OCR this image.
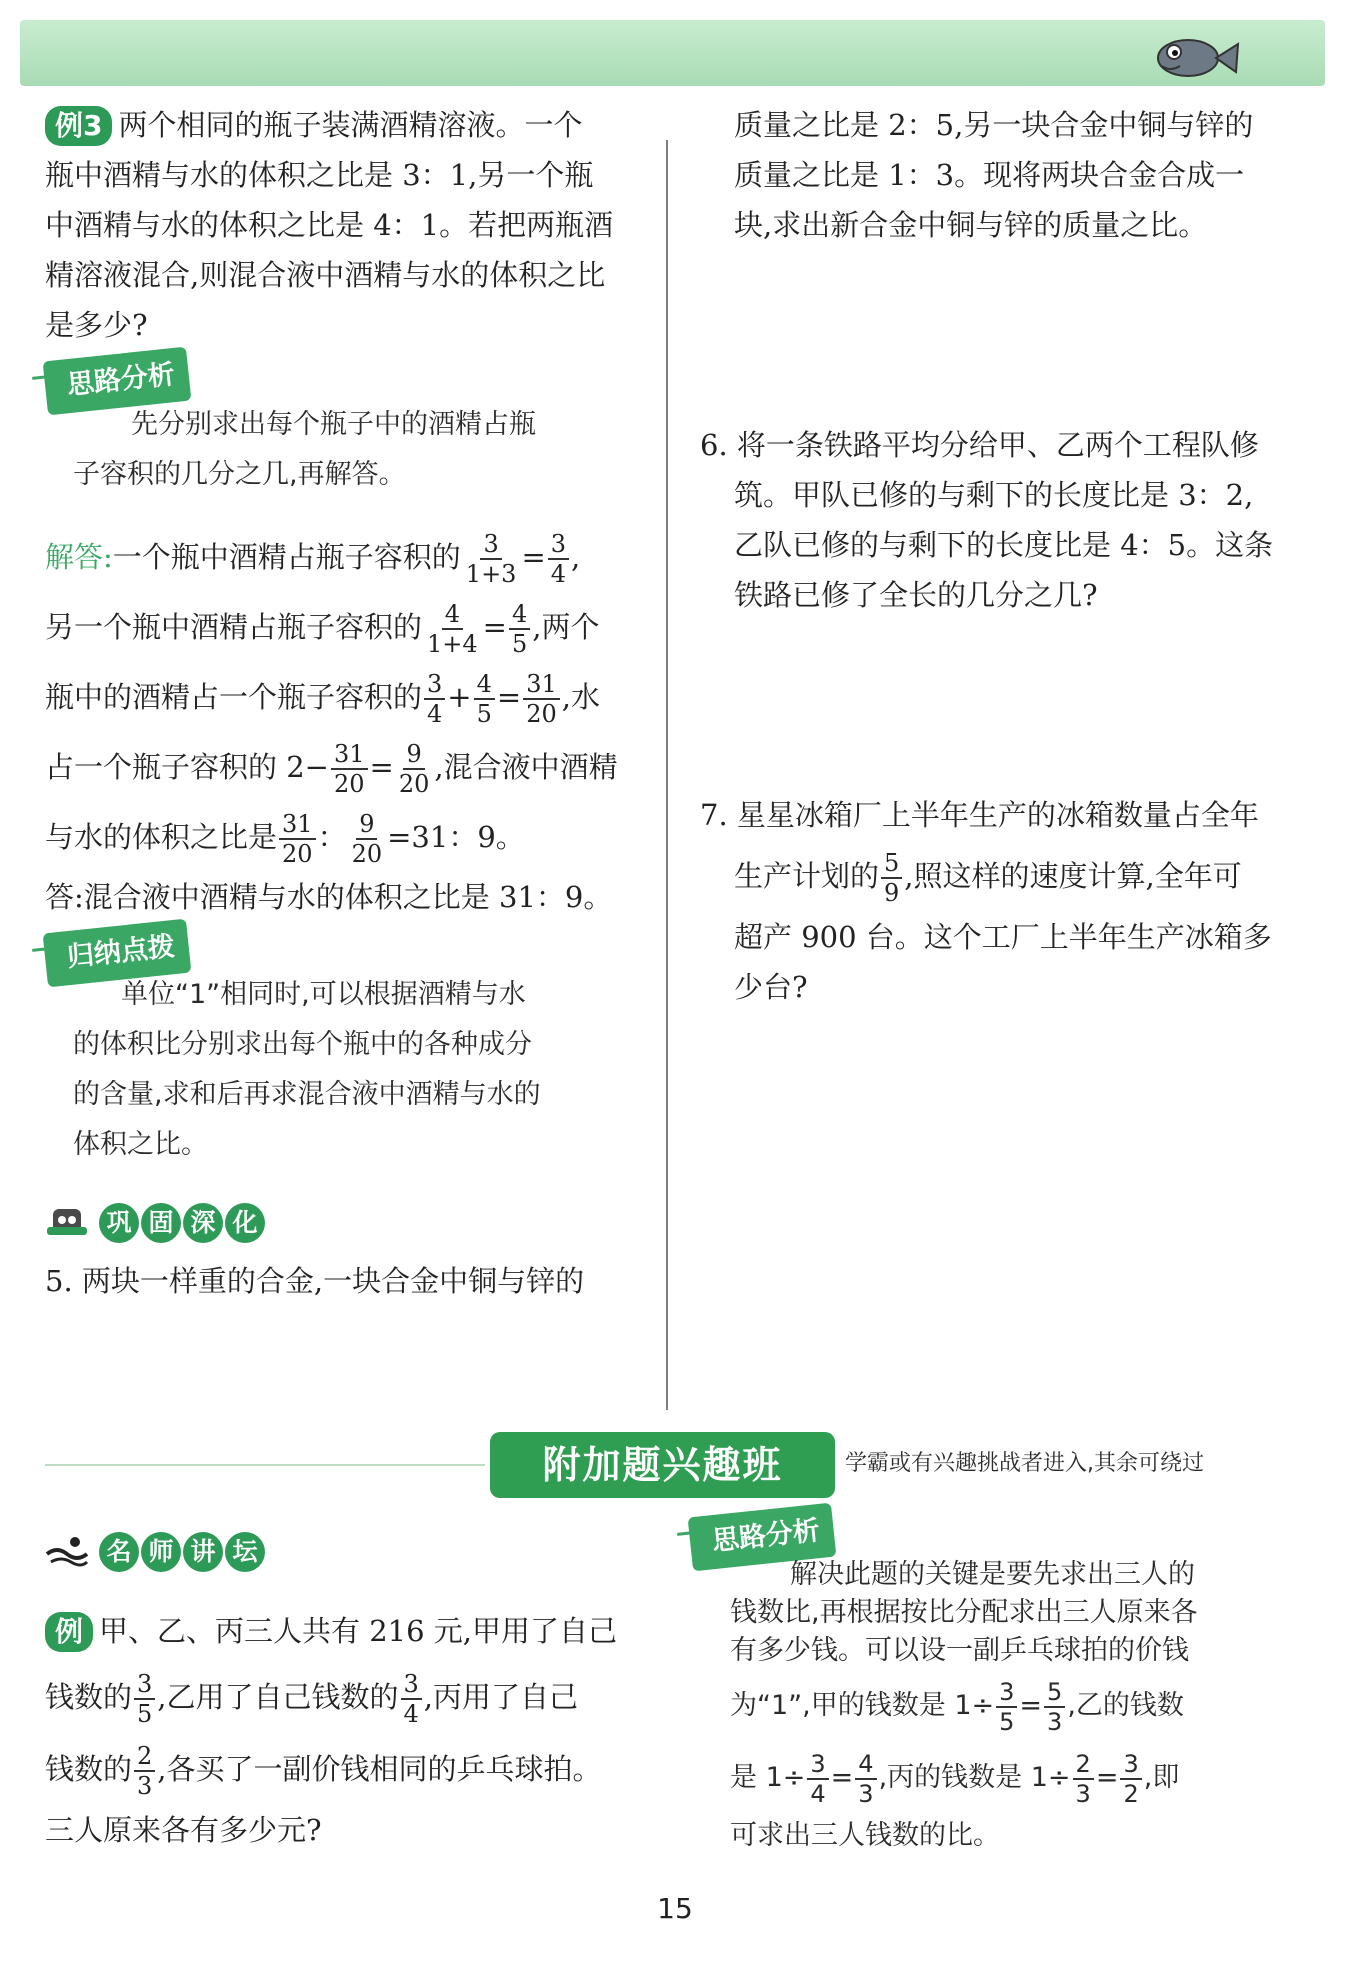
例3 两个相同的瓶子装满酒精溶液。一个
瓶中酒精与水的体积之比是 3：1,另一个瓶
中酒精与水的体积之比是 4：1。若把两瓶酒
精溶液混合,则混合液中酒精与水的体积之比
是多少?
思路分析
先分别求出每个瓶子中的酒精占瓶
子容积的几分之几,再解答。
解答:一个瓶中酒精占瓶子容积的 $\frac{3}{1+3} = \frac{3}{4}$ ,
另一个瓶中酒精占瓶子容积的 $\frac{4}{1+4} = \frac{4}{5}$ ,两个
瓶中的酒精占一个瓶子容积的 $\frac{3}{4} + \frac{4}{5} = \frac{31}{20}$ ,水
占一个瓶子容积的 $2- \frac{31}{20} = \frac{9}{20}$ ,混合液中酒精
与水的体积之比是 $\frac{31}{20}$ ： $\frac{9}{20} =31$：9。
答:混合液中酒精与水的体积之比是 31：9。
归纳点拨
单位“1”相同时,可以根据酒精与水
的体积比分别求出每个瓶中的各种成分
的含量,求和后再求混合液中酒精与水的
体积之比。
巩 固 深 化
5. 两块一样重的合金,一块合金中铜与锌的
质量之比是 2：5,另一块合金中铜与锌的
质量之比是 1：3。现将两块合金合成一
块,求出新合金中铜与锌的质量之比。
6. 将一条铁路平均分给甲、乙两个工程队修
筑。甲队已修的与剩下的长度比是 3：2,
乙队已修的与剩下的长度比是 4：5。这条
铁路已修了全长的几分之几?
7. 星星冰箱厂上半年生产的冰箱数量占全年
生产计划的 $\frac{5}{9}$ ,照这样的速度计算,全年可
超产 900 台。这个工厂上半年生产冰箱多
少台?
附加题兴趣班	学霸或有兴趣挑战者进入,其余可绕过
名 师 讲 坛
例 甲、乙、丙三人共有 216 元,甲用了自己
钱数的 $\frac{3}{5}$ ,乙用了自己钱数的 $\frac{3}{4}$ ,丙用了自己
钱数的 $\frac{2}{3}$ ,各买了一副价钱相同的乒乓球拍。
三人原来各有多少元?
思路分析
解决此题的关键是要先求出三人的
钱数比,再根据按比分配求出三人原来各
有多少钱。可以设一副乒乓球拍的价钱
为“1”,甲的钱数是 $1\div \frac{3}{5} = \frac{5}{3}$ ,乙的钱数
是 $1\div \frac{3}{4} = \frac{4}{3}$ ,丙的钱数是 $1\div \frac{2}{3} = \frac{3}{2}$ ,即
可求出三人钱数的比。
15
